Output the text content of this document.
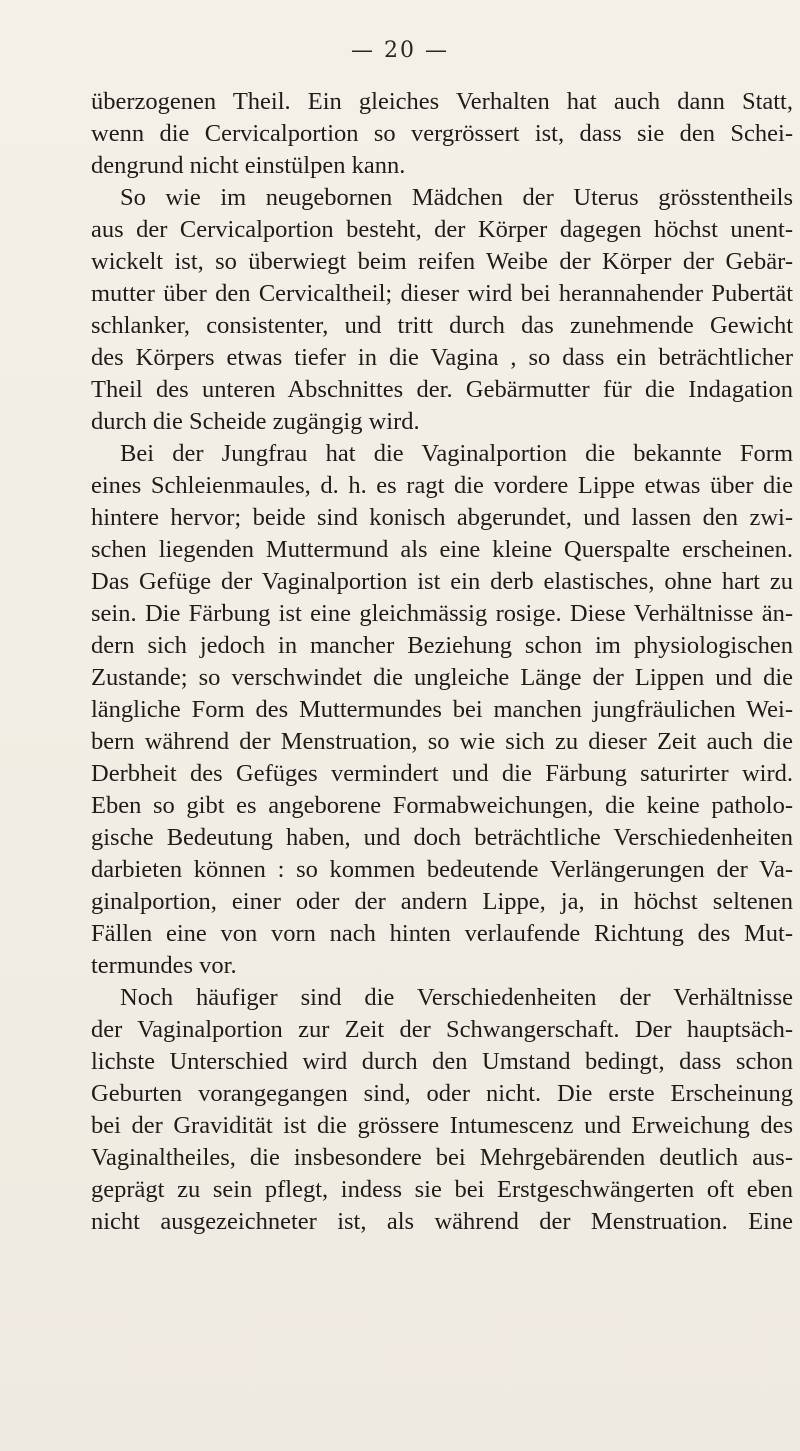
— 20 —
überzogenen Theil. Ein gleiches Verhalten hat auch dann Statt,
wenn die Cervicalportion so vergrössert ist, dass sie den Schei-
dengrund nicht einstülpen kann.
So wie im neugebornen Mädchen der Uterus grösstentheils
aus der Cervicalportion besteht, der Körper dagegen höchst unent-
wickelt ist, so überwiegt beim reifen Weibe der Körper der Gebär-
mutter über den Cervicaltheil; dieser wird bei herannahender Pubertät
schlanker, consistenter, und tritt durch das zunehmende Gewicht
des Körpers etwas tiefer in die Vagina , so dass ein beträchtlicher
Theil des unteren Abschnittes der. Gebärmutter für die Indagation
durch die Scheide zugängig wird.
Bei der Jungfrau hat die Vaginalportion die bekannte Form
eines Schleienmaules, d. h. es ragt die vordere Lippe etwas über die
hintere hervor; beide sind konisch abgerundet, und lassen den zwi-
schen liegenden Muttermund als eine kleine Querspalte erscheinen.
Das Gefüge der Vaginalportion ist ein derb elastisches, ohne hart zu
sein. Die Färbung ist eine gleichmässig rosige. Diese Verhältnisse än-
dern sich jedoch in mancher Beziehung schon im physiologischen
Zustande; so verschwindet die ungleiche Länge der Lippen und die
längliche Form des Muttermundes bei manchen jungfräulichen Wei-
bern während der Menstruation, so wie sich zu dieser Zeit auch die
Derbheit des Gefüges vermindert und die Färbung saturirter wird.
Eben so gibt es angeborene Formabweichungen, die keine patholo-
gische Bedeutung haben, und doch beträchtliche Verschiedenheiten
darbieten können : so kommen bedeutende Verlängerungen der Va-
ginalportion, einer oder der andern Lippe, ja, in höchst seltenen
Fällen eine von vorn nach hinten verlaufende Richtung des Mut-
termundes vor.
Noch häufiger sind die Verschiedenheiten der Verhältnisse
der Vaginalportion zur Zeit der Schwangerschaft. Der hauptsäch-
lichste Unterschied wird durch den Umstand bedingt, dass schon
Geburten vorangegangen sind, oder nicht. Die erste Erscheinung
bei der Gravidität ist die grössere Intumescenz und Erweichung des
Vaginaltheiles, die insbesondere bei Mehrgebärenden deutlich aus-
geprägt zu sein pflegt, indess sie bei Erstgeschwängerten oft eben
nicht ausgezeichneter ist, als während der Menstruation. Eine
